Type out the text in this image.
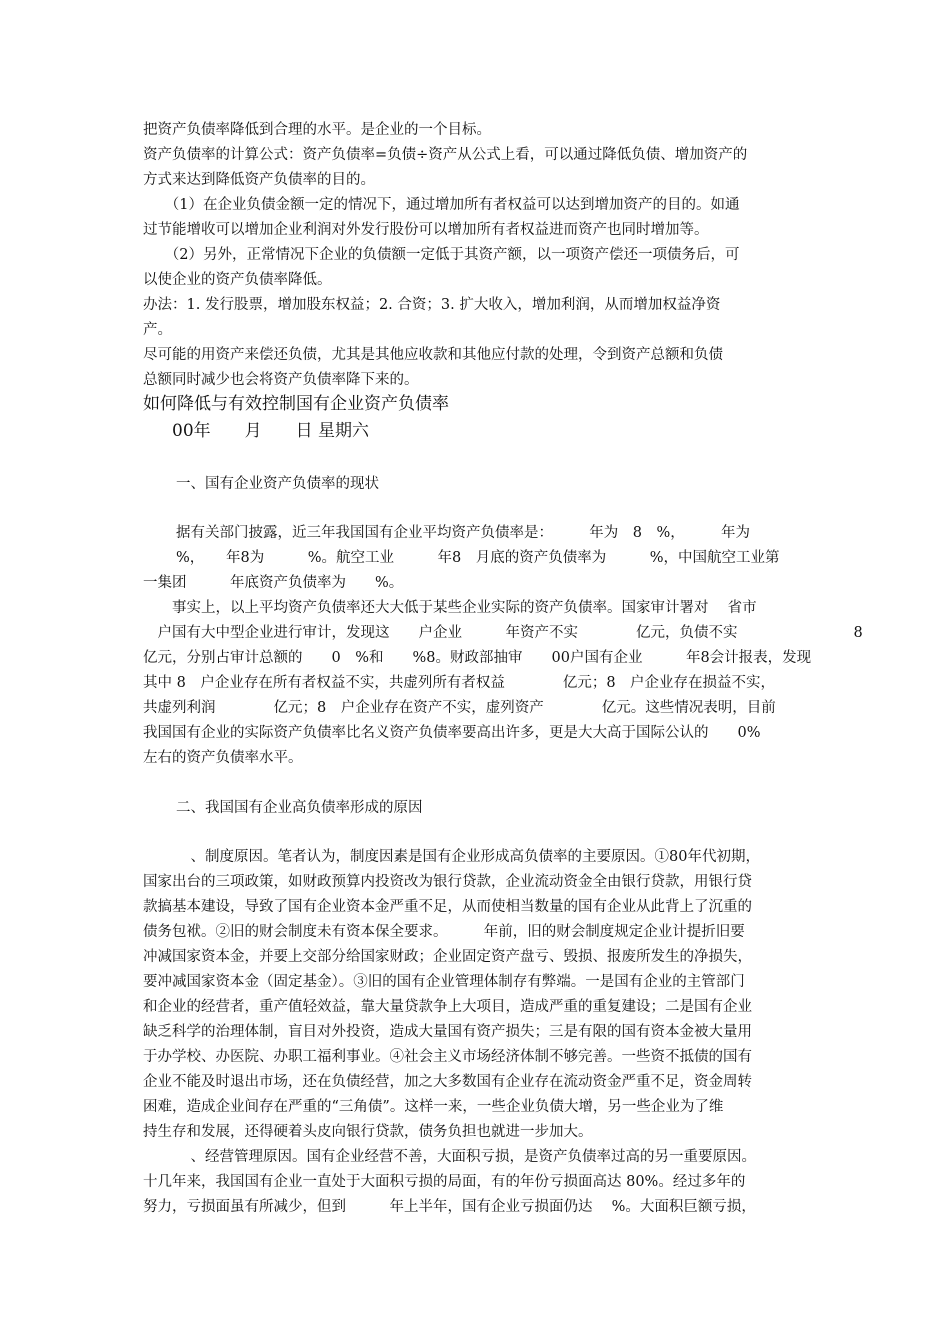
把资产负债率降低到合理的水平。是企业的一个目标。
资产负债率的计算公式：资产负债率=负债÷资产从公式上看，可以通过降低负债、增加资产的
方式来达到降低资产负债率的目的。
　　（1）在企业负债金额一定的情况下，通过增加所有者权益可以达到增加资产的目的。如通
过节能增收可以增加企业利润对外发行股份可以增加所有者权益进而资产也同时增加等。
　　（2）另外，正常情况下企业的负债额一定低于其资产额，以一项资产偿还一项债务后，可
以使企业的资产负债率降低。
办法：1. 发行股票，增加股东权益；2. 合资；3. 扩大收入，增加利润，从而增加权益净资
产。
尽可能的用资产来偿还负债，尤其是其他应收款和其他应付款的处理，令到资产总额和负债
总额同时减少也会将资产负债率降下来的。
如何降低与有效控制国有企业资产负债率
00年　　月　　日 星期六
一、国有企业资产负债率的现状
据有关部门披露，近三年我国国有企业平均资产负债率是：　　　年为　8　%，　　　年为
%，　　年8为　　　%。航空工业　　　年8　月底的资产负债率为　　　%，中国航空工业第
一集团　　　年底资产负债率为　　%。
　　事实上，以上平均资产负债率还大大低于某些企业实际的资产负债率。国家审计署对　 省市
　户国有大中型企业进行审计，发现这　　户企业　　　年资产不实　　　　亿元，负债不实　　　　　　　　8
亿元，分别占审计总额的　　0　%和　　%8。财政部抽审　　00户国有企业　　　年8会计报表，发现
其中 8　户企业存在所有者权益不实，共虚列所有者权益　　　　亿元；8　户企业存在损益不实，
共虚列利润　　　　亿元；8　户企业存在资产不实，虚列资产　　　　亿元。这些情况表明，目前
我国国有企业的实际资产负债率比名义资产负债率要高出许多，更是大大高于国际公认的　　0%
左右的资产负债率水平。
二、我国国有企业高负债率形成的原因
　、制度原因。笔者认为，制度因素是国有企业形成高负债率的主要原因。①80年代初期，
国家出台的三项政策，如财政预算内投资改为银行贷款，企业流动资金全由银行贷款，用银行贷
款搞基本建设，导致了国有企业资本金严重不足，从而使相当数量的国有企业从此背上了沉重的
债务包袱。②旧的财会制度未有资本保全要求。　　　年前，旧的财会制度规定企业计提折旧要
冲减国家资本金，并要上交部分给国家财政；企业固定资产盘亏、毁损、报废所发生的净损失，
要冲减国家资本金（固定基金）。③旧的国有企业管理体制存有弊端。一是国有企业的主管部门
和企业的经营者，重产值轻效益，靠大量贷款争上大项目，造成严重的重复建设；二是国有企业
缺乏科学的治理体制，盲目对外投资，造成大量国有资产损失；三是有限的国有资本金被大量用
于办学校、办医院、办职工福利事业。④社会主义市场经济体制不够完善。一些资不抵债的国有
企业不能及时退出市场，还在负债经营，加之大多数国有企业存在流动资金严重不足，资金周转
困难，造成企业间存在严重的“三角债”。这样一来，一些企业负债大增，另一些企业为了维
持生存和发展，还得硬着头皮向银行贷款，债务负担也就进一步加大。
　、经营管理原因。国有企业经营不善，大面积亏损，是资产负债率过高的另一重要原因。
十几年来，我国国有企业一直处于大面积亏损的局面，有的年份亏损面高达 80%。经过多年的
努力，亏损面虽有所减少，但到　　　年上半年，国有企业亏损面仍达　 %。大面积巨额亏损，
